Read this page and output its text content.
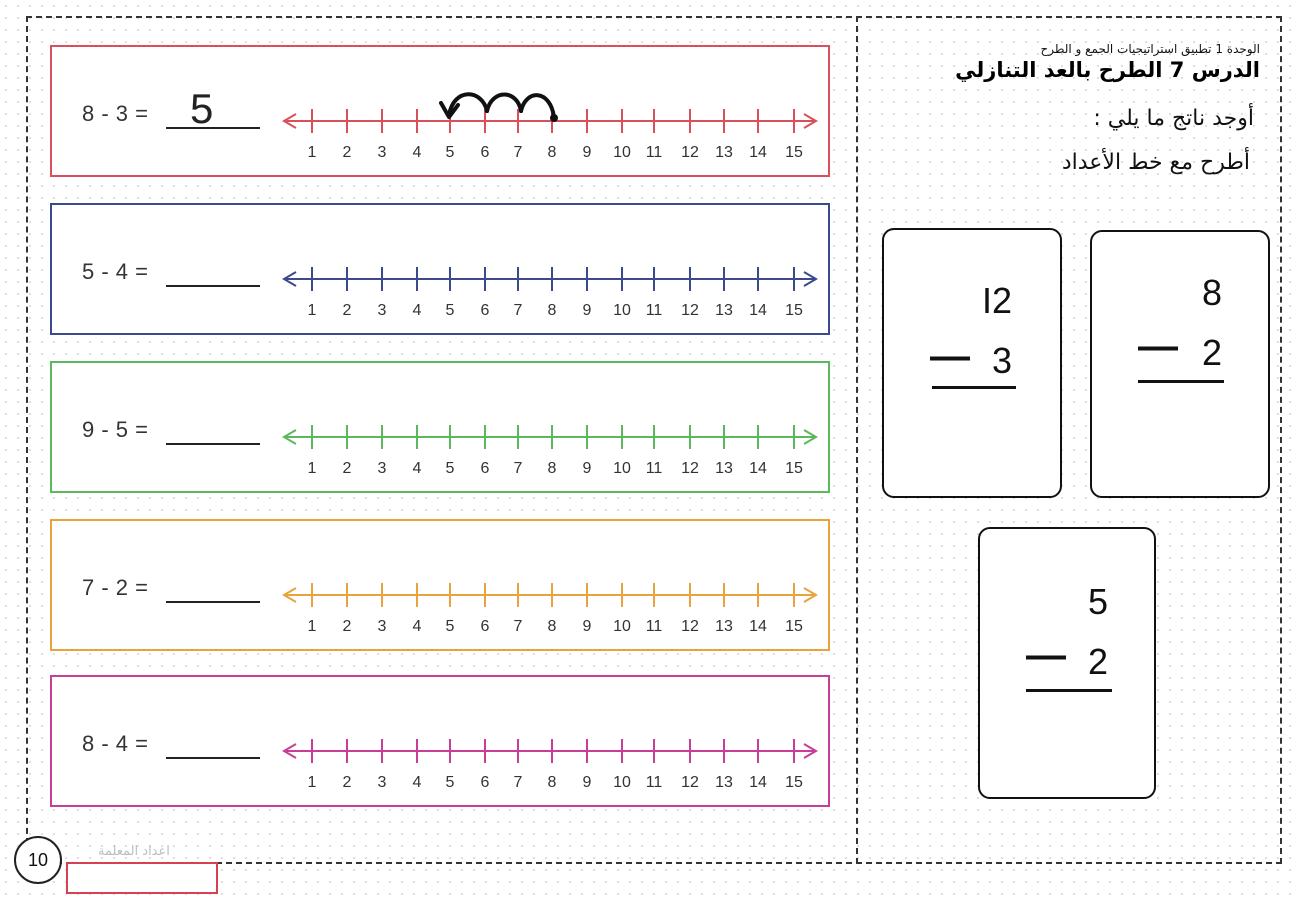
8 - 3 = 5
1 2 3 4 5 6 7 8 9 10 11 12 13 14 15
5 - 4 =
1 2 3 4 5 6 7 8 9 10 11 12 13 14 15
9 - 5 =
1 2 3 4 5 6 7 8 9 10 11 12 13 14 15
7 - 2 =
1 2 3 4 5 6 7 8 9 10 11 12 13 14 15
8 - 4 =
1 2 3 4 5 6 7 8 9 10 11 12 13 14 15
الوحدة 1 تطبيق استراتيجيات الجمع و الطرح
الدرس 7 الطرح بالعد التنازلي
أوجد ناتج ما يلي :
أطرح مع خط الأعداد
8
— 2
I2
— 3
5
— 2
اعداد المعلمة
10
